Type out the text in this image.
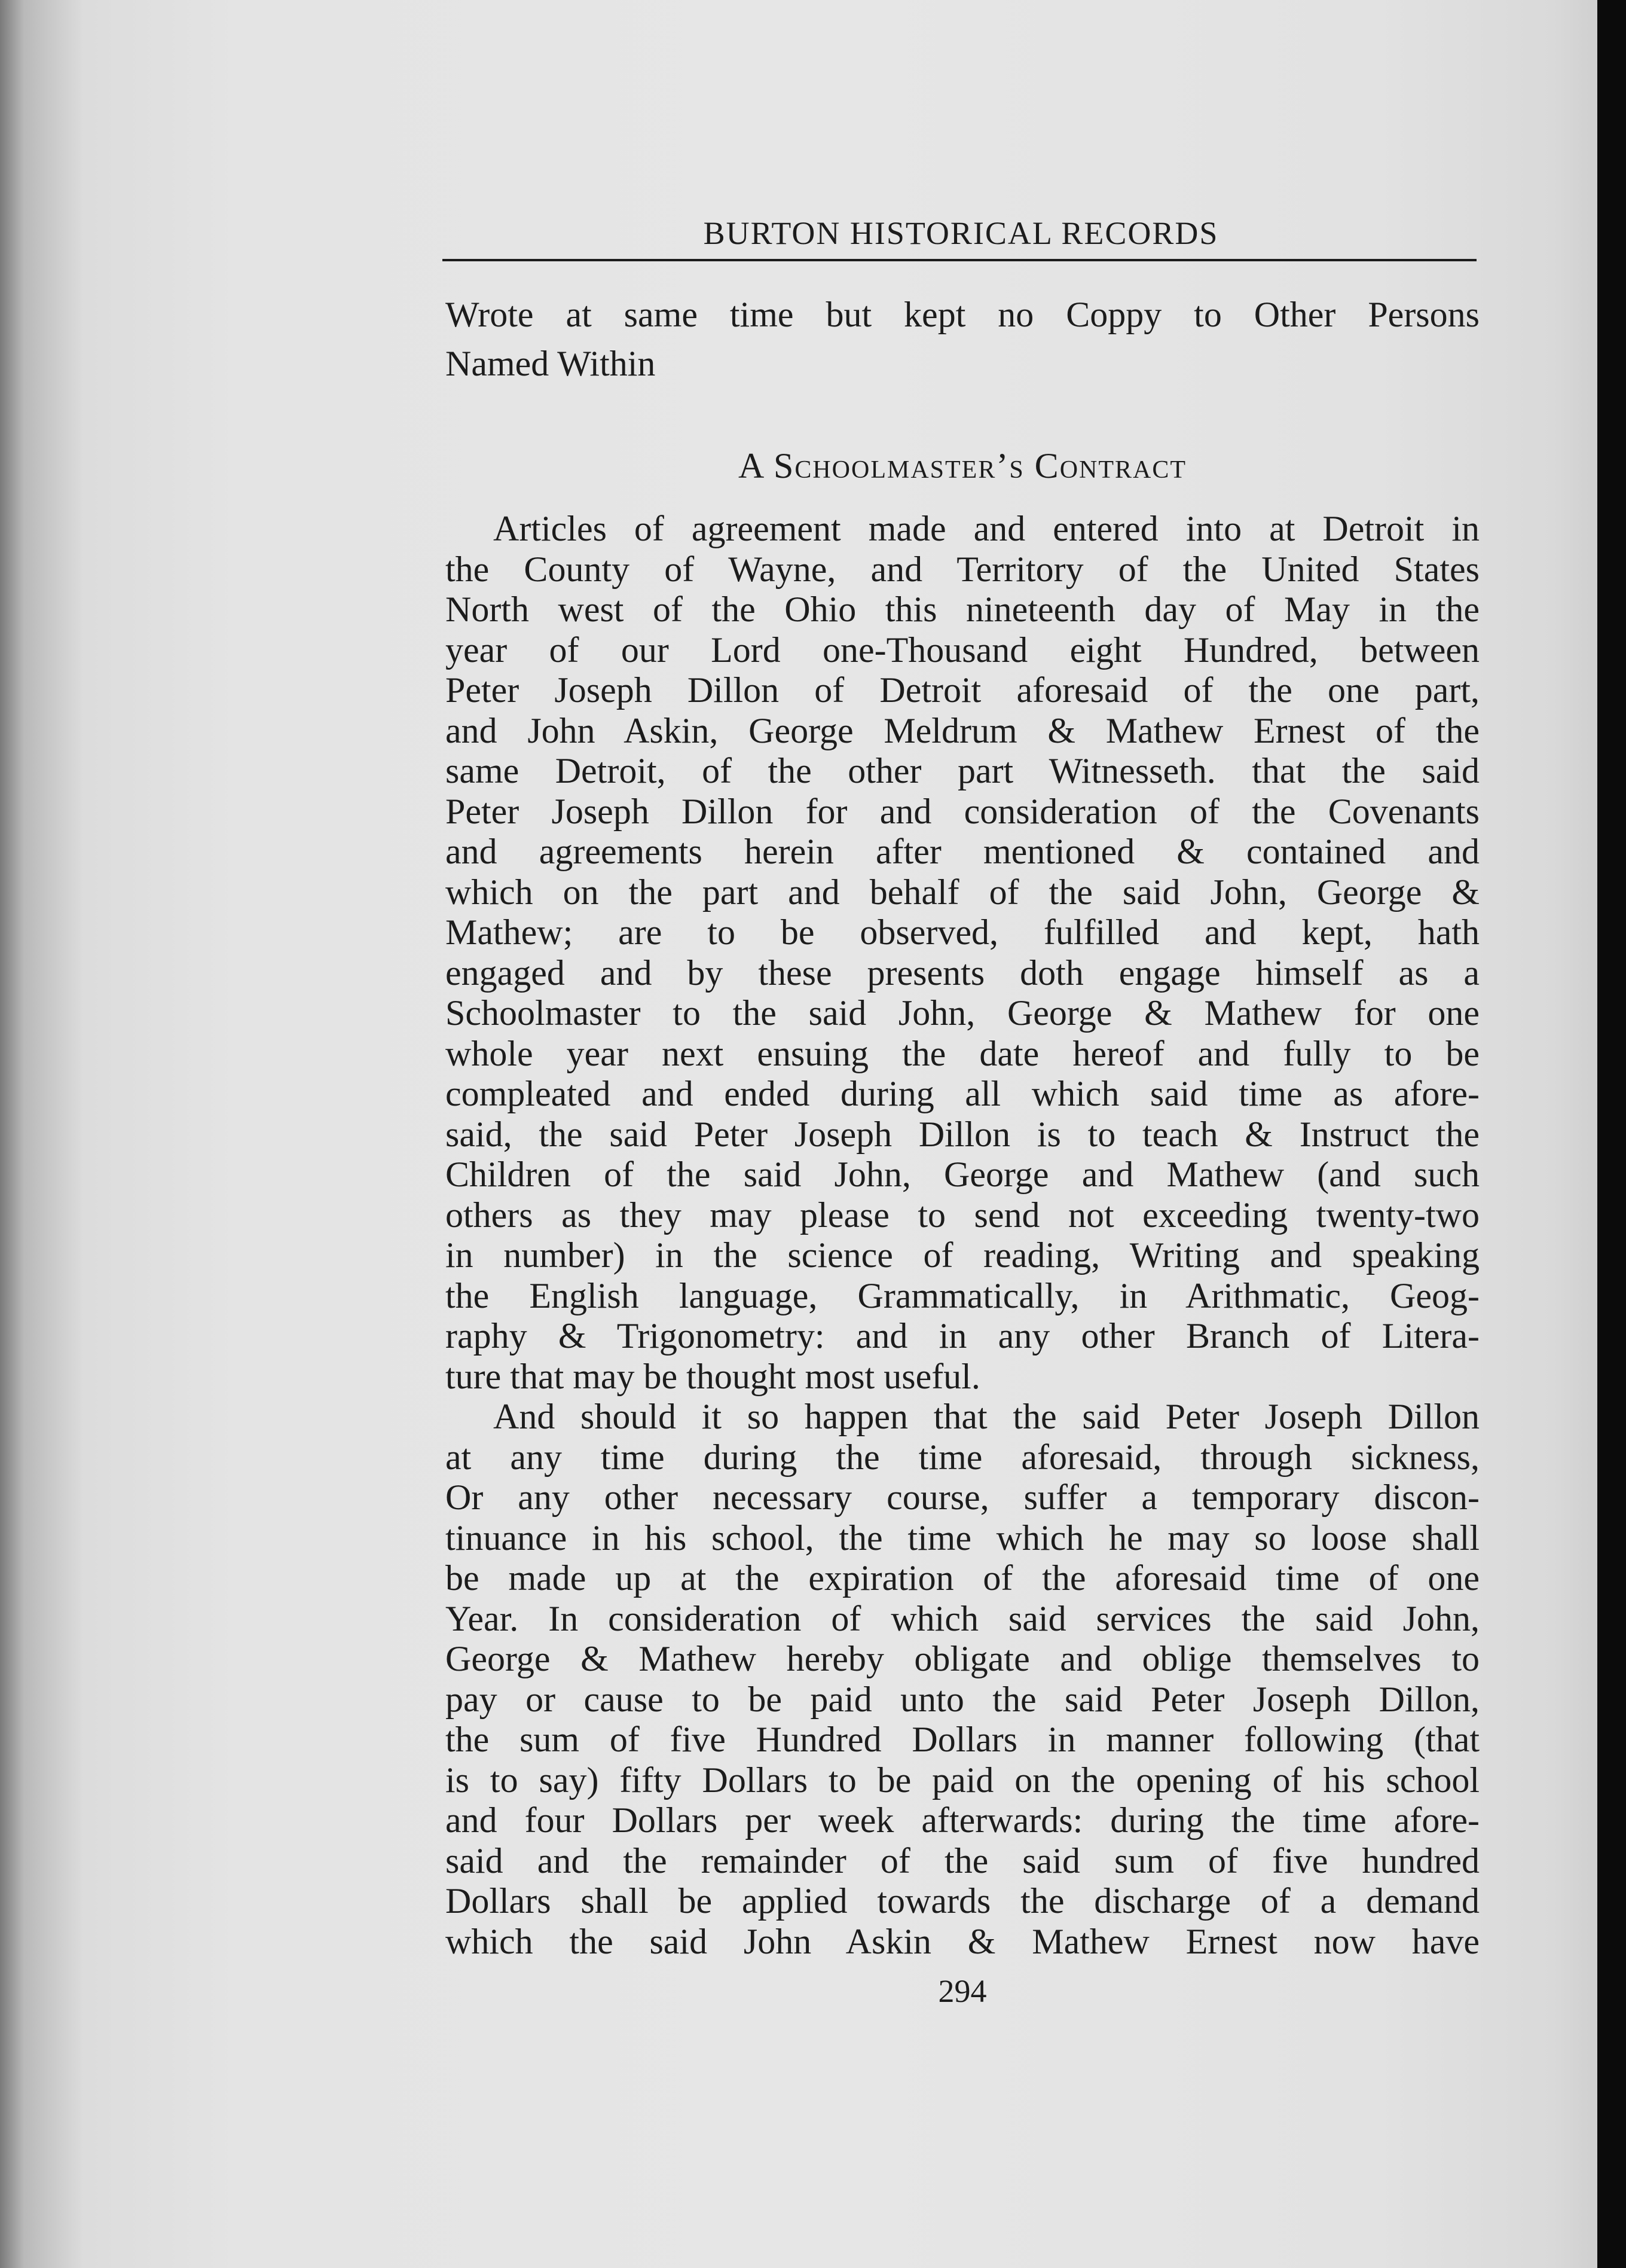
BURTON HISTORICAL RECORDS
Wrote at same time but kept no Coppy to Other Persons
Named Within
A Schoolmaster’s Contract
Articles of agreement made and entered into at Detroit in
the County of Wayne, and Territory of the United States
North west of the Ohio this nineteenth day of May in the
year of our Lord one-Thousand eight Hundred, between
Peter Joseph Dillon of Detroit aforesaid of the one part,
and John Askin, George Meldrum & Mathew Ernest of the
same Detroit, of the other part Witnesseth. that the said
Peter Joseph Dillon for and consideration of the Covenants
and agreements herein after mentioned & contained and
which on the part and behalf of the said John, George &
Mathew; are to be observed, fulfilled and kept, hath
engaged and by these presents doth engage himself as a
Schoolmaster to the said John, George & Mathew for one
whole year next ensuing the date hereof and fully to be
compleated and ended during all which said time as afore-
said, the said Peter Joseph Dillon is to teach & Instruct the
Children of the said John, George and Mathew (and such
others as they may please to send not exceeding twenty-two
in number) in the science of reading, Writing and speaking
the English language, Grammatically, in Arithmatic, Geog-
raphy & Trigonometry: and in any other Branch of Litera-
ture that may be thought most useful.
And should it so happen that the said Peter Joseph Dillon
at any time during the time aforesaid, through sickness,
Or any other necessary course, suffer a temporary discon-
tinuance in his school, the time which he may so loose shall
be made up at the expiration of the aforesaid time of one
Year. In consideration of which said services the said John,
George & Mathew hereby obligate and oblige themselves to
pay or cause to be paid unto the said Peter Joseph Dillon,
the sum of five Hundred Dollars in manner following (that
is to say) fifty Dollars to be paid on the opening of his school
and four Dollars per week afterwards: during the time afore-
said and the remainder of the said sum of five hundred
Dollars shall be applied towards the discharge of a demand
which the said John Askin & Mathew Ernest now have
294
